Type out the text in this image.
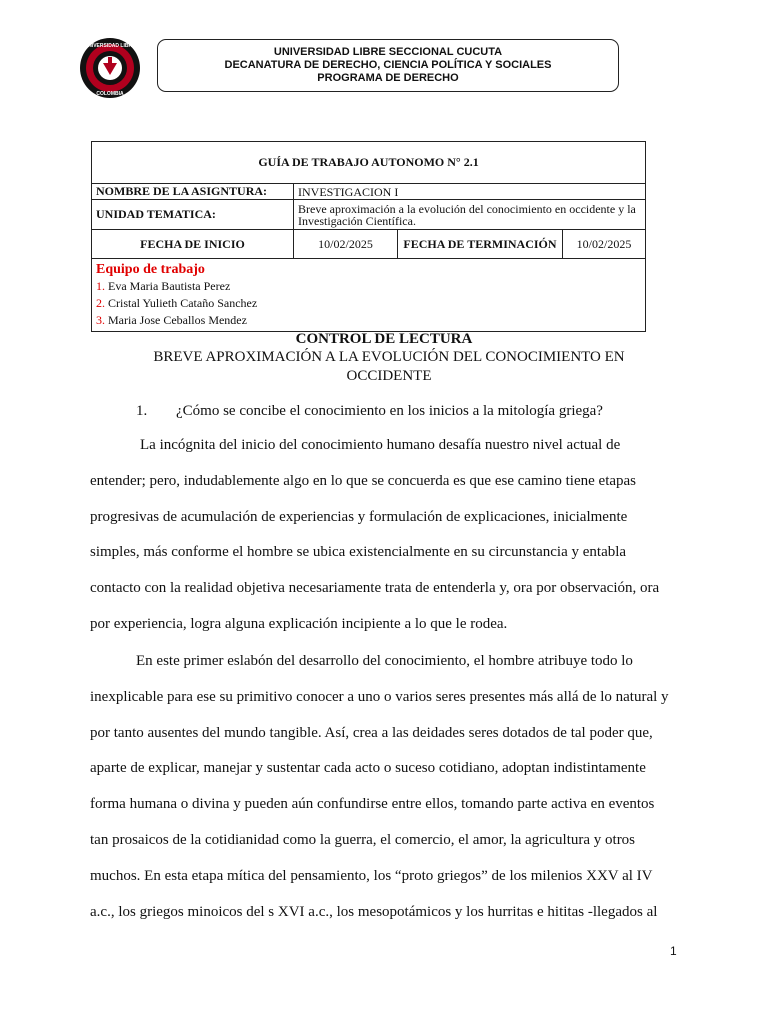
UNIVERSIDAD LIBRE
COLOMBIA
UNIVERSIDAD LIBRE SECCIONAL CUCUTA
DECANATURA DE DERECHO, CIENCIA POLÍTICA Y SOCIALES
PROGRAMA DE DERECHO
GUÍA DE TRABAJO AUTONOMO N° 2.1			
NOMBRE DE LA ASIGNTURA:	INVESTIGACION I		
UNIDAD TEMATICA:	Breve aproximación a la evolución del conocimiento en occidente y la Investigación Científica.		
FECHA DE INICIO	10/02/2025	FECHA DE TERMINACIÓN	10/02/2025

Equipo de trabajo
1. Eva Maria Bautista Perez
2. Cristal Yulieth Cataño Sanchez
3. Maria Jose Ceballos Mendez			
CONTROL DE LECTURA
BREVE APROXIMACIÓN A LA EVOLUCIÓN DEL CONOCIMIENTO EN OCCIDENTE
1. ¿Cómo se concibe el conocimiento en los inicios a la mitología griega?
La incógnita del inicio del conocimiento humano desafía nuestro nivel actual de entender; pero, indudablemente algo en lo que se concuerda es que ese camino tiene etapas progresivas de acumulación de experiencias y formulación de explicaciones, inicialmente simples, más conforme el hombre se ubica existencialmente en su circunstancia y entabla contacto con la realidad objetiva necesariamente trata de entenderla y, ora por observación, ora por experiencia, logra alguna explicación incipiente a lo que le rodea.
En este primer eslabón del desarrollo del conocimiento, el hombre atribuye todo lo inexplicable para ese su primitivo conocer a uno o varios seres presentes más allá de lo natural y por tanto ausentes del mundo tangible. Así, crea a las deidades seres dotados de tal poder que, aparte de explicar, manejar y sustentar cada acto o suceso cotidiano, adoptan indistintamente forma humana o divina y pueden aún confundirse entre ellos, tomando parte activa en eventos tan prosaicos de la cotidianidad como la guerra, el comercio, el amor, la agricultura y otros muchos. En esta etapa mítica del pensamiento, los “proto griegos” de los milenios XXV al IV a.c., los griegos minoicos del s XVI a.c., los mesopotámicos y los hurritas e hititas -llegados al
1
